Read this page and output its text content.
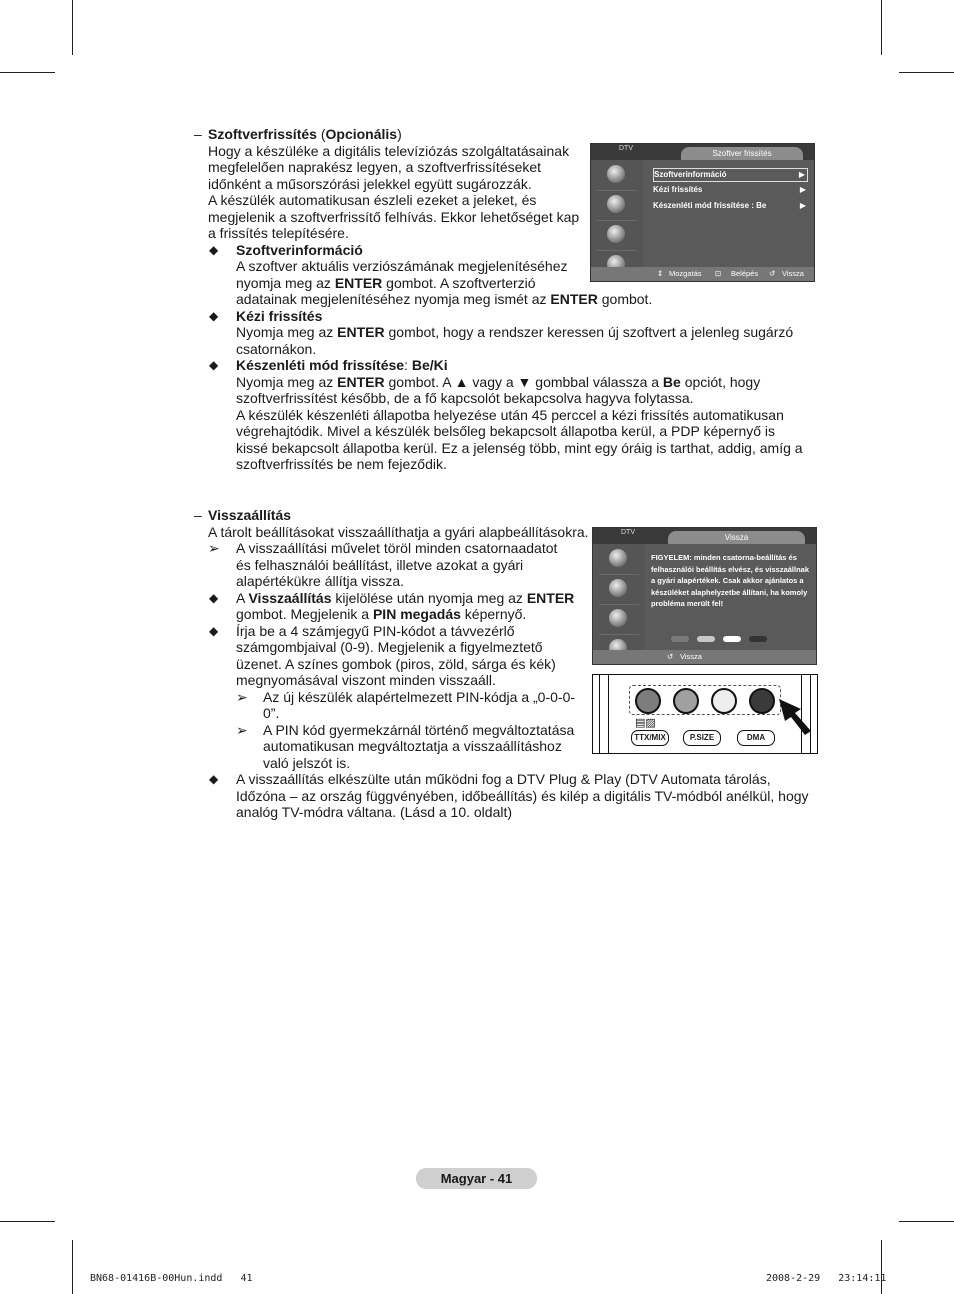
– Szoftverfrissítés (Opcionális)
Hogy a készüléke a digitális televíziózás szolgáltatásainak
megfelelően naprakész legyen, a szoftverfrissítéseket
időnként a műsorszórási jelekkel együtt sugározzák.
A készülék automatikusan észleli ezeket a jeleket, és
megjelenik a szoftverfrissítő felhívás. Ekkor lehetőséget kap
a frissítés telepítésére.
◆ Szoftverinformáció
A szoftver aktuális verziószámának megjelenítéséhez
nyomja meg az ENTER gombot. A szoftverterzió
adatainak megjelenítéséhez nyomja meg ismét az ENTER gombot.
◆ Kézi frissítés
Nyomja meg az ENTER gombot, hogy a rendszer keressen új szoftvert a jelenleg sugárzó
csatornákon.
◆ Készenléti mód frissítése: Be/Ki
Nyomja meg az ENTER gombot. A ▲ vagy a ▼ gombbal válassza a Be opciót, hogy
szoftverfrissítést később, de a fő kapcsolót bekapcsolva hagyva folytassa.
A készülék készenléti állapotba helyezése után 45 perccel a kézi frissítés automatikusan
végrehajtódik. Mivel a készülék belsőleg bekapcsolt állapotba kerül, a PDP képernyő is
kissé bekapcsolt állapotba kerül. Ez a jelenség több, mint egy óráig is tarthat, addig, amíg a
szoftverfrissítés be nem fejeződik.
DTV
Szoftver frissítés
Szoftverinformáció	▶
Kézi frissítés	▶
Készenléti mód frissítése : Be	▶
⇕ Mozgatás ⊡ Belépés ↺ Vissza
– Visszaállítás
A tárolt beállításokat visszaállíthatja a gyári alapbeállításokra.
➢ A visszaállítási művelet töröl minden csatornaadatot
és felhasználói beállítást, illetve azokat a gyári
alapértékükre állítja vissza.
◆ A Visszaállítás kijelölése után nyomja meg az ENTER
gombot. Megjelenik a PIN megadás képernyő.
◆ Írja be a 4 számjegyű PIN-kódot a távvezérlő
számgombjaival (0-9). Megjelenik a figyelmeztető
üzenet. A színes gombok (piros, zöld, sárga és kék)
megnyomásával viszont minden visszaáll.
➢ Az új készülék alapértelmezett PIN-kódja a „0-0-0-
0”.
➢ A PIN kód gyermekzárnál történő megváltoztatása
automatikusan megváltoztatja a visszaállításhoz
való jelszót is.
◆ A visszaállítás elkészülte után működni fog a DTV Plug & Play (DTV Automata tárolás,
Időzóna – az ország függvényében, időbeállítás) és kilép a digitális TV-módból anélkül, hogy
analóg TV-módra váltana. (Lásd a 10. oldalt)
DTV
Vissza
FIGYELEM: minden csatorna-beállítás és felhasználói beállítás elvész, és visszaállnak a gyári alapértékek. Csak akkor ajánlatos a készüléket alaphelyzetbe állítani, ha komoly probléma merült fel!
↺ Vissza
▤▨
TTX/MIX	P.SIZE	DMA
Magyar - 41
BN68-01416B-00Hun.indd   41	2008-2-29   23:14:11
